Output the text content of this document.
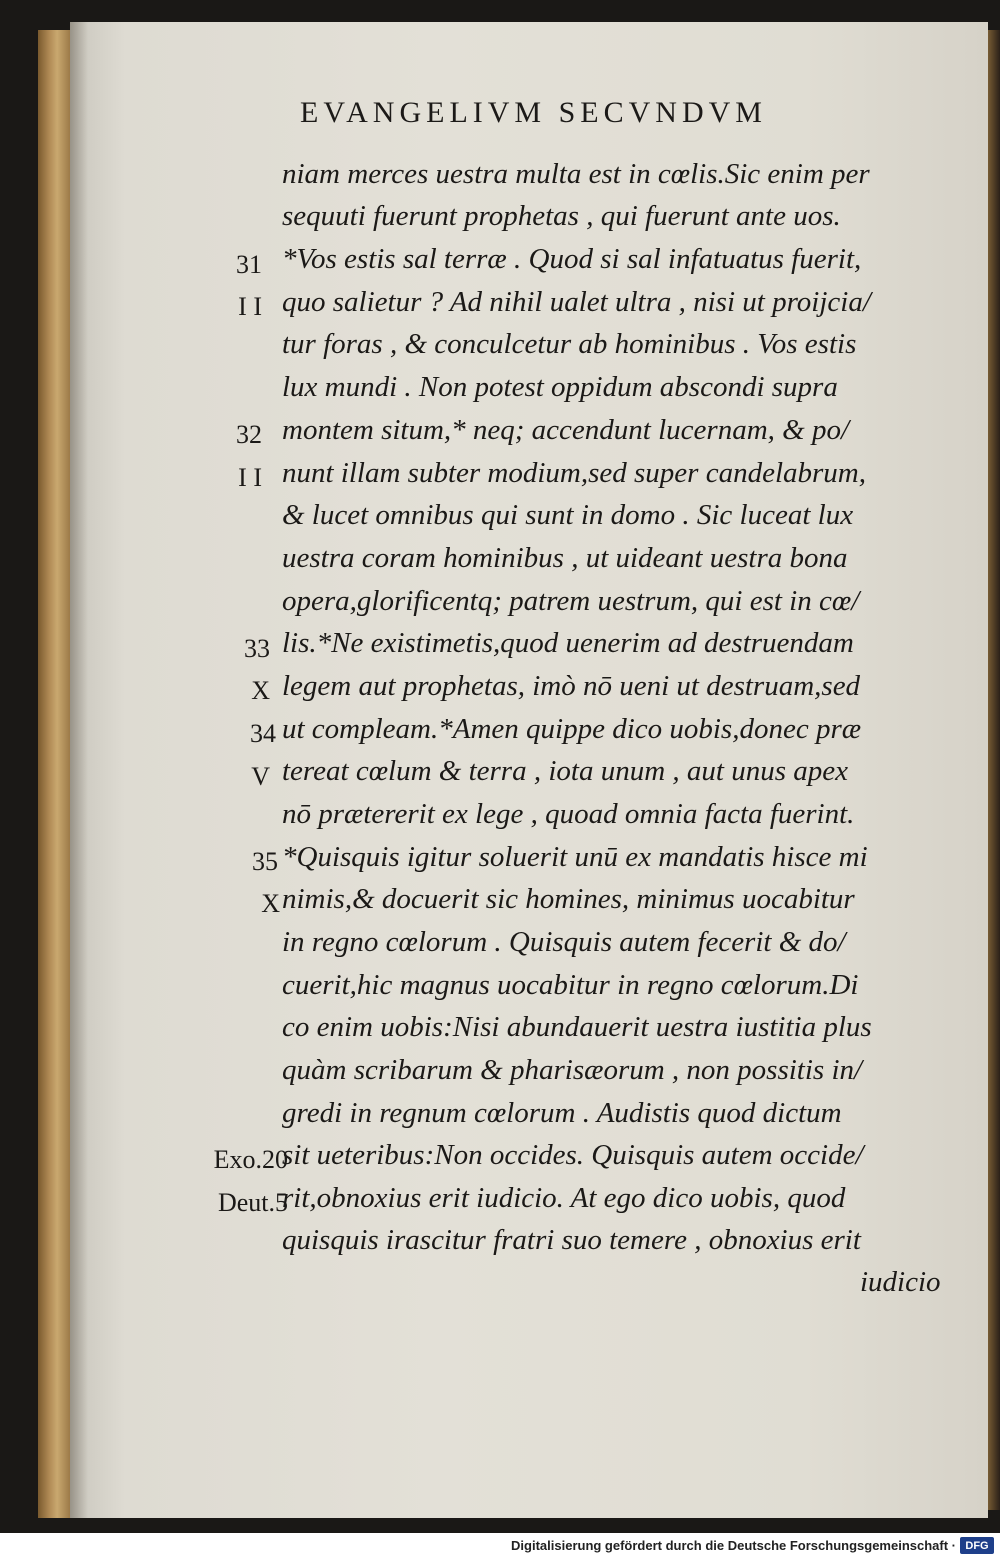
EVANGELIVM SECVNDVM
niam merces uestra multa est in cœlis.Sic enim per
sequuti fuerunt prophetas , qui fuerunt ante uos.
*Vos estis sal terræ . Quod si sal infatuatus fuerit,
quo salietur ? Ad nihil ualet ultra , nisi ut proijcia/
tur foras , & conculcetur ab hominibus . Vos estis
lux mundi . Non potest oppidum abscondi supra
montem situm,* neq; accendunt lucernam, & po/
nunt illam subter modium,sed super candelabrum,
& lucet omnibus qui sunt in domo . Sic luceat lux
uestra coram hominibus , ut uideant uestra bona
opera,glorificentq; patrem uestrum, qui est in cœ/
lis.*Ne existimetis,quod uenerim ad destruendam
legem aut prophetas, imò nō ueni ut destruam,sed
ut compleam.*Amen quippe dico uobis,donec præ
tereat cœlum & terra , iota unum , aut unus apex
nō prætererit ex lege , quoad omnia facta fuerint.
*Quisquis igitur soluerit unū ex mandatis hisce mi
nimis,& docuerit sic homines, minimus uocabitur
in regno cœlorum . Quisquis autem fecerit & do/
cuerit,hic magnus uocabitur in regno cœlorum.Di
co enim uobis:Nisi abundauerit uestra iustitia plus
quàm scribarum & pharisæorum , non possitis in/
gredi in regnum cœlorum . Audistis quod dictum
sit ueteribus:Non occides. Quisquis autem occide/
rit,obnoxius erit iudicio. At ego dico uobis, quod
quisquis irascitur fratri suo temere , obnoxius erit
iudicio
31
I I
32
I I
33
X
34
V
35
X
Exo.20
Deut.5
Digitalisierung gefördert durch die Deutsche Forschungsgemeinschaft · DFG
